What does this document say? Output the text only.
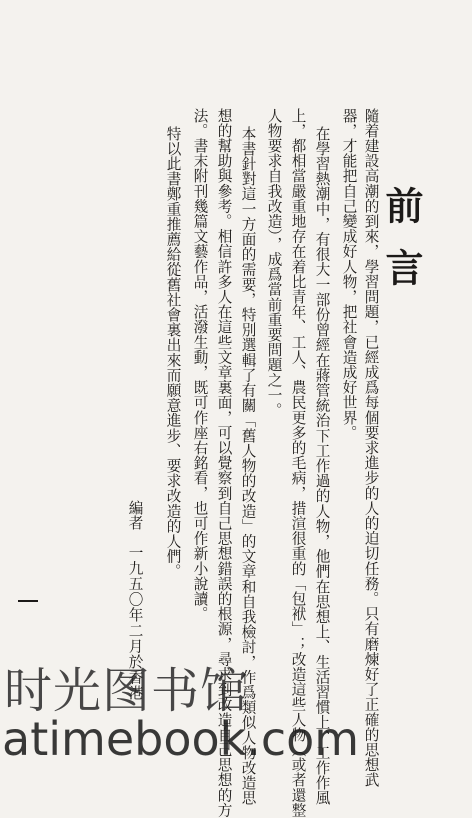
前言
隨着建設高潮的到來，學習問題，已經成爲每個要求進步的人的迫切任務。只有磨煉好了正確的思想武
器，才能把自己變成好人物，把社會造成好世界。
在學習熱潮中，有很大一部份曾經在蔣管統治下工作過的人物，他們在思想上、生活習慣上、工作作風
上，都相當嚴重地存在着比青年、工人、農民更多的毛病，措渲很重的「包袱」；改造這些人物（或者還整
人物要求自我改造），成爲當前重要問題之一。
本書針對這一方面的需要，特別選輯了有關「舊人物的改造」的文章和自我檢討，作爲類似人物改造思
想的幫助與參考。相信許多人在這些文章裏面，可以覺察到自己思想錯誤的根源，尋求到改造自己思想的方
法。書末附刊幾篇文藝作品，活潑生動，既可作座右銘看，也可作新小說讀。
特以此書鄭重推薦給從舊社會裏出來而願意進步、要求改造的人們。
編者
一九五〇年二月於香港
时光图书馆
atimebook.com
